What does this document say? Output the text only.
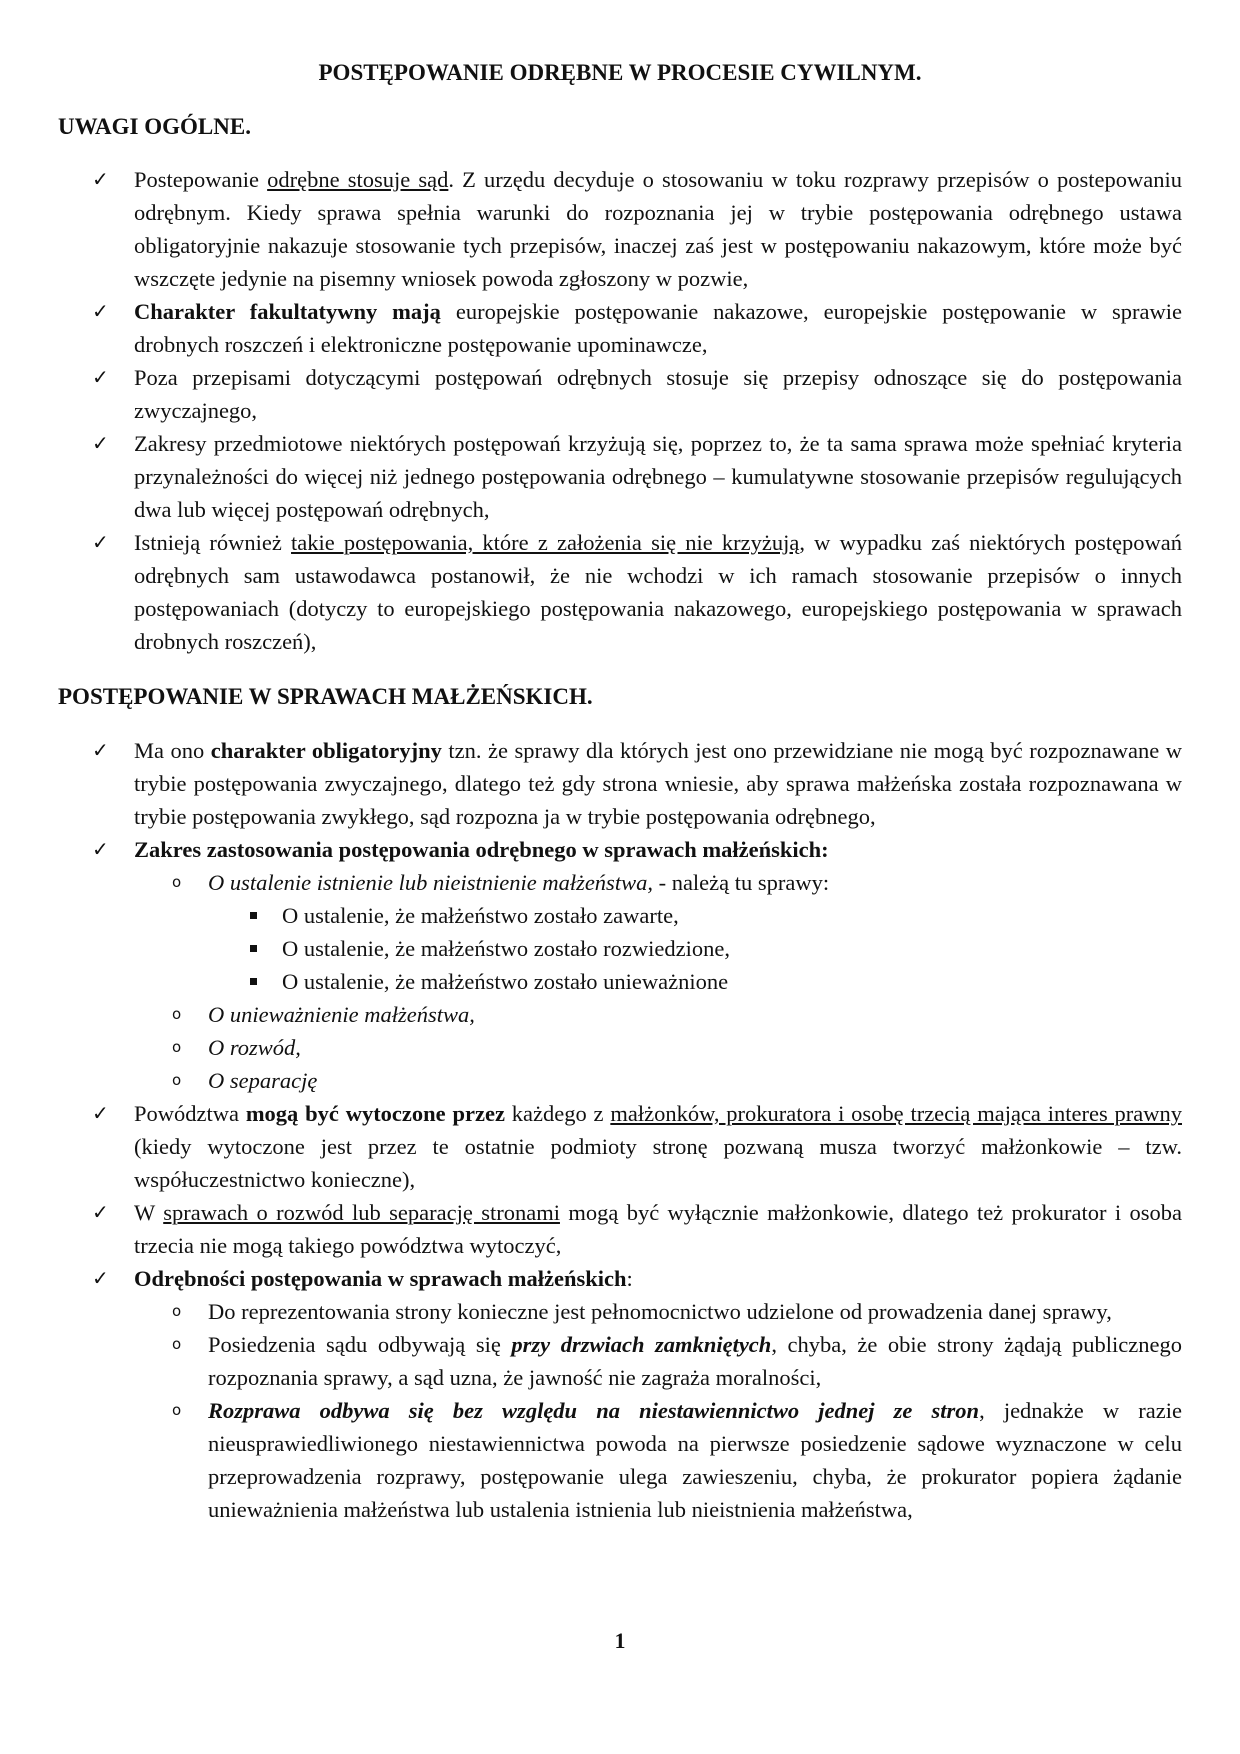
POSTĘPOWANIE ODRĘBNE W PROCESIE CYWILNYM.
UWAGI OGÓLNE.
✓	Postepowanie odrębne stosuje sąd. Z urzędu decyduje o stosowaniu w toku rozprawy przepisów o postepowaniu odrębnym. Kiedy sprawa spełnia warunki do rozpoznania jej w trybie postępowania odrębnego ustawa obligatoryjnie nakazuje stosowanie tych przepisów, inaczej zaś jest w postępowaniu nakazowym, które może być wszczęte jedynie na pisemny wniosek powoda zgłoszony w pozwie,
✓	Charakter fakultatywny mają europejskie postępowanie nakazowe, europejskie postępowanie w sprawie drobnych roszczeń i elektroniczne postępowanie upominawcze,
✓	Poza przepisami dotyczącymi postępowań odrębnych stosuje się przepisy odnoszące się do postępowania zwyczajnego,
✓	Zakresy przedmiotowe niektórych postępowań krzyżują się, poprzez to, że ta sama sprawa może spełniać kryteria przynależności do więcej niż jednego postępowania odrębnego – kumulatywne stosowanie przepisów regulujących dwa lub więcej postępowań odrębnych,
✓	Istnieją również takie postępowania, które z założenia się nie krzyżują, w wypadku zaś niektórych postępowań odrębnych sam ustawodawca postanowił, że nie wchodzi w ich ramach stosowanie przepisów o innych postępowaniach (dotyczy to europejskiego postępowania nakazowego, europejskiego postępowania w sprawach drobnych roszczeń),
POSTĘPOWANIE W SPRAWACH MAŁŻEŃSKICH.
✓	Ma ono charakter obligatoryjny tzn. że sprawy dla których jest ono przewidziane nie mogą być rozpoznawane w trybie postępowania zwyczajnego, dlatego też gdy strona wniesie, aby sprawa małżeńska została rozpoznawana w trybie postępowania zwykłego, sąd rozpozna ja w trybie postępowania odrębnego,
✓	Zakres zastosowania postępowania odrębnego w sprawach małżeńskich:
o O ustalenie istnienie lub nieistnienie małżeństwa, - należą tu sprawy:
O ustalenie, że małżeństwo zostało zawarte,
O ustalenie, że małżeństwo zostało rozwiedzione,
O ustalenie, że małżeństwo zostało unieważnione
o O unieważnienie małżeństwa,
o O rozwód,
o O separację
✓	Powództwa mogą być wytoczone przez każdego z małżonków, prokuratora i osobę trzecią mająca interes prawny (kiedy wytoczone jest przez te ostatnie podmioty stronę pozwaną musza tworzyć małżonkowie – tzw. współuczestnictwo konieczne),
✓	W sprawach o rozwód lub separację stronami mogą być wyłącznie małżonkowie, dlatego też prokurator i osoba trzecia nie mogą takiego powództwa wytoczyć,
✓	Odrębności postępowania w sprawach małżeńskich:
o Do reprezentowania strony konieczne jest pełnomocnictwo udzielone od prowadzenia danej sprawy,
o Posiedzenia sądu odbywają się przy drzwiach zamkniętych, chyba, że obie strony żądają publicznego rozpoznania sprawy, a sąd uzna, że jawność nie zagraża moralności,
o Rozprawa odbywa się bez względu na niestawiennictwo jednej ze stron, jednakże w razie nieusprawiedliwionego niestawiennictwa powoda na pierwsze posiedzenie sądowe wyznaczone w celu przeprowadzenia rozprawy, postępowanie ulega zawieszeniu, chyba, że prokurator popiera żądanie unieważnienia małżeństwa lub ustalenia istnienia lub nieistnienia małżeństwa,
1
